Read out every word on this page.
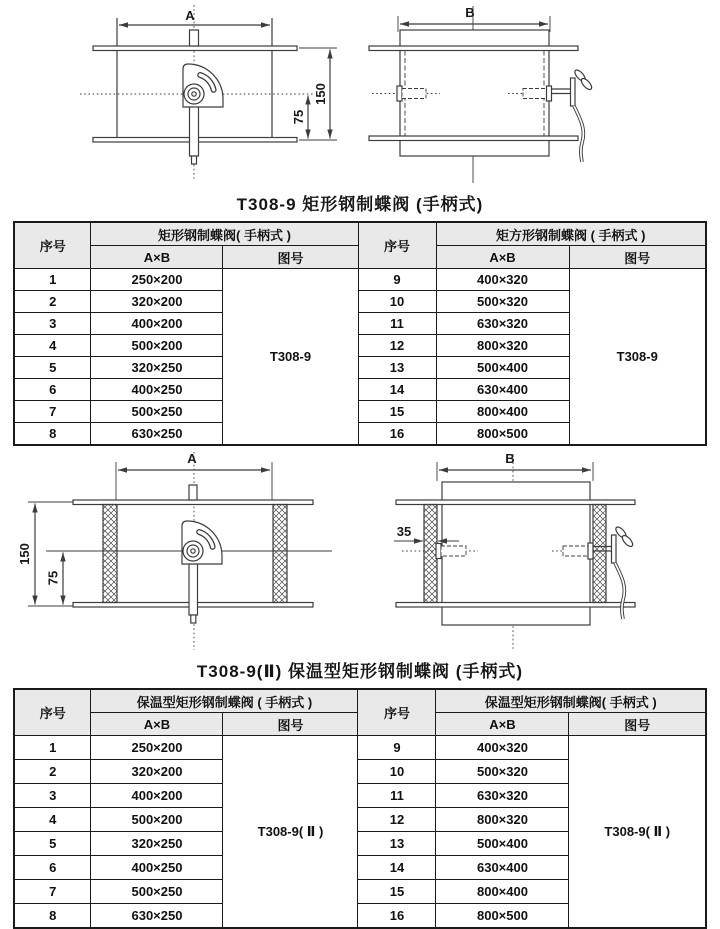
A
150
75
B
T308-9 矩形钢制蝶阀 (手柄式)
序号	矩形钢制蝶阀( 手柄式 )		序号	矩方形钢制蝶阀 ( 手柄式 )	
	A×B	图号		A×B	图号
1	250×200	T308-9	9	400×320	T308-9
2	320×200		10	500×320	
3	400×200		11	630×320	
4	500×200		12	800×320	
5	320×250		13	500×400	
6	400×250		14	630×400	
7	500×250		15	800×400	
8	630×250		16	800×500	
A
150
75
B
35
T308-9(Ⅱ) 保温型矩形钢制蝶阀 (手柄式)
序号	保温型矩形钢制蝶阀 ( 手柄式 )		序号	保温型矩形钢制蝶阀( 手柄式 )	
	A×B	图号		A×B	图号
1	250×200	T308-9( Ⅱ )	9	400×320	T308-9( Ⅱ )
2	320×200		10	500×320	
3	400×200		11	630×320	
4	500×200		12	800×320	
5	320×250		13	500×400	
6	400×250		14	630×400	
7	500×250		15	800×400	
8	630×250		16	800×500	
